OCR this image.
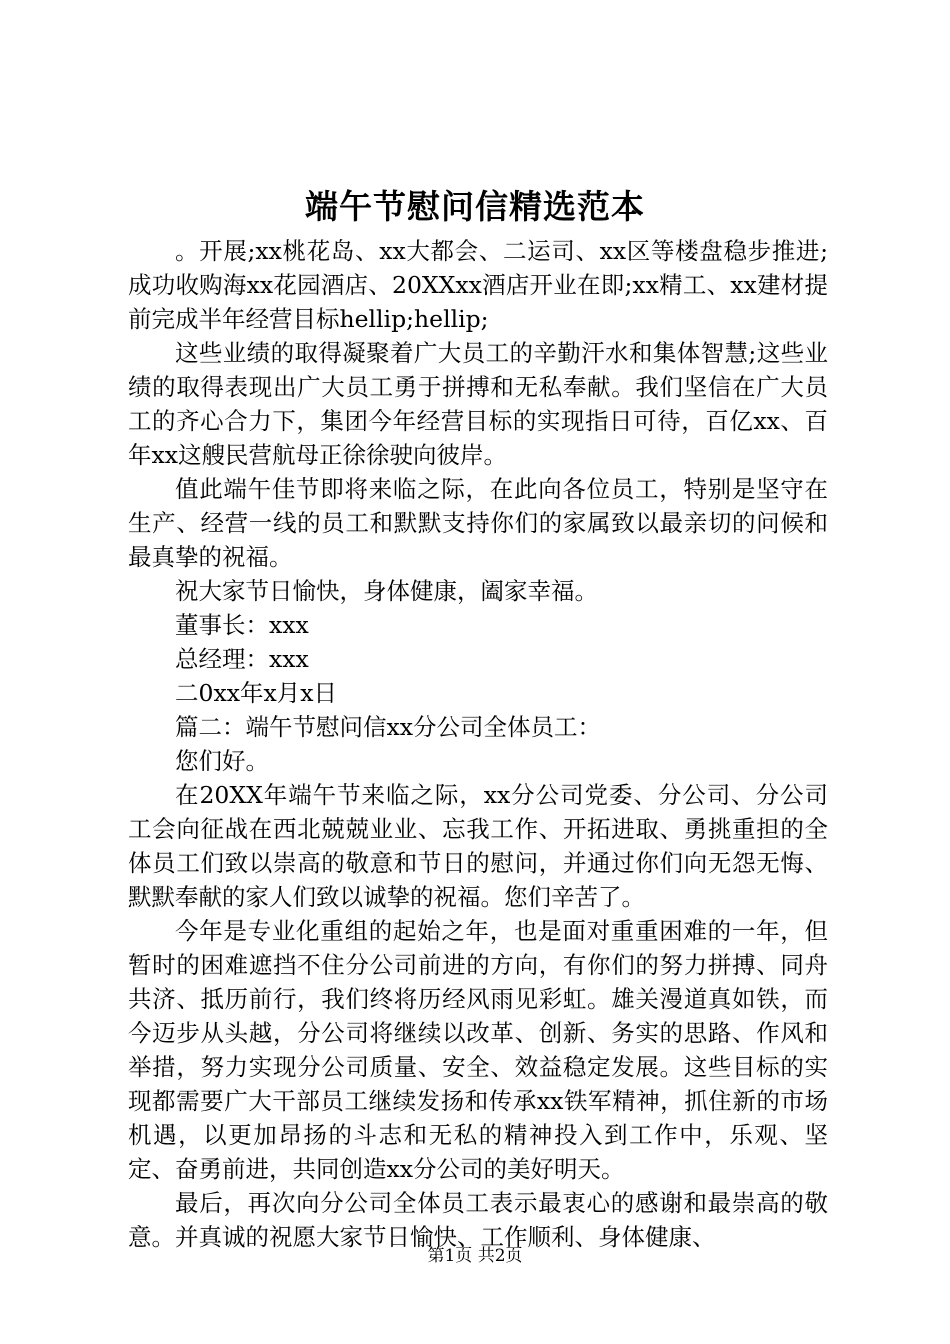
端午节慰问信精选范本

。开展;xx桃花岛、xx大都会、二运司、xx区等楼盘稳步推进;成功收购海xx花园酒店、20XXxx酒店开业在即;xx精工、xx建材提前完成半年经营目标hellip;hellip;

这些业绩的取得凝聚着广大员工的辛勤汗水和集体智慧;这些业绩的取得表现出广大员工勇于拼搏和无私奉献。我们坚信在广大员工的齐心合力下，集团今年经营目标的实现指日可待，百亿xx、百年xx这艘民营航母正徐徐驶向彼岸。

值此端午佳节即将来临之际，在此向各位员工，特别是坚守在生产、经营一线的员工和默默支持你们的家属致以最亲切的问候和最真挚的祝福。

祝大家节日愉快，身体健康，阖家幸福。

董事长：xxx

总经理：xxx

二0xx年x月x日

篇二：端午节慰问信xx分公司全体员工：

您们好。

在20XX年端午节来临之际，xx分公司党委、分公司、分公司工会向征战在西北兢兢业业、忘我工作、开拓进取、勇挑重担的全体员工们致以崇高的敬意和节日的慰问，并通过你们向无怨无悔、默默奉献的家人们致以诚挚的祝福。您们辛苦了。

今年是专业化重组的起始之年，也是面对重重困难的一年，但暂时的困难遮挡不住分公司前进的方向，有你们的努力拼搏、同舟共济、抵历前行，我们终将历经风雨见彩虹。雄关漫道真如铁，而今迈步从头越，分公司将继续以改革、创新、务实的思路、作风和举措，努力实现分公司质量、安全、效益稳定发展。这些目标的实现都需要广大干部员工继续发扬和传承xx铁军精神，抓住新的市场机遇，以更加昂扬的斗志和无私的精神投入到工作中，乐观、坚定、奋勇前进，共同创造xx分公司的美好明天。

最后，再次向分公司全体员工表示最衷心的感谢和最崇高的敬意。并真诚的祝愿大家节日愉快、工作顺利、身体健康、

第1页 共2页
